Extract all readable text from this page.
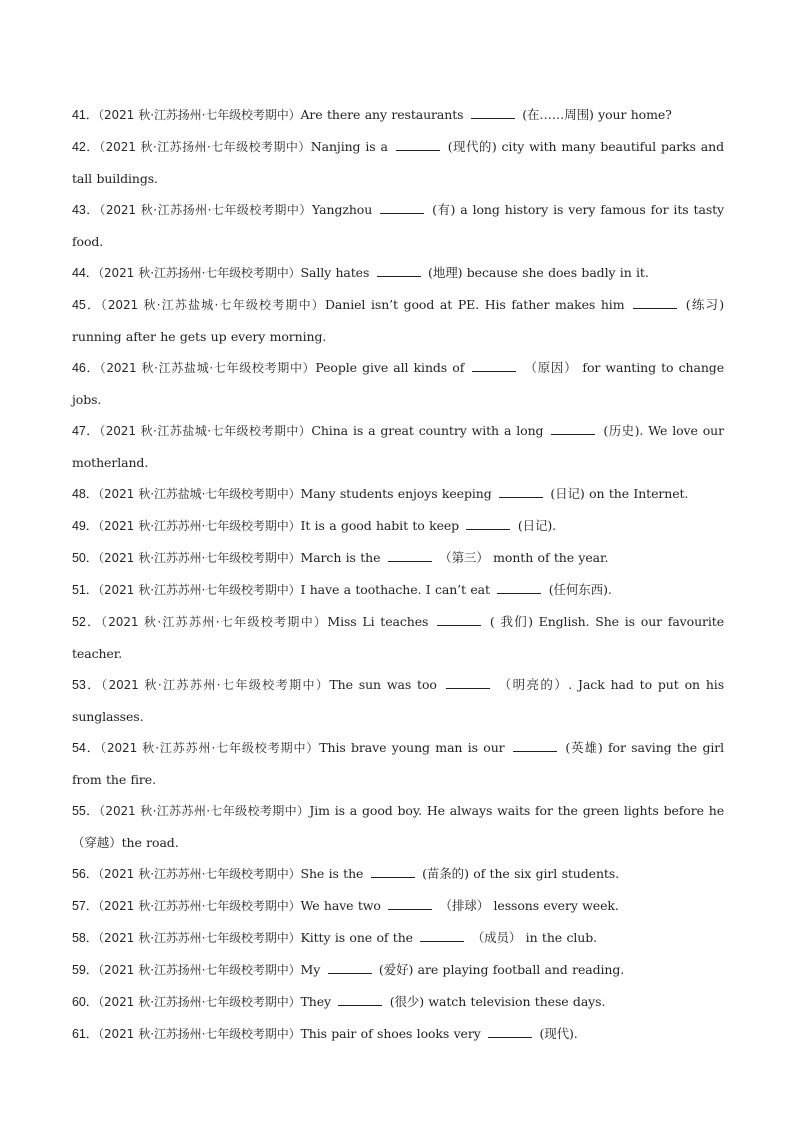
41．（2021 秋·江苏扬州·七年级校考期中）Are there any restaurants	(在……周围) your home?

42．（2021 秋·江苏扬州·七年级校考期中）Nanjing is a	(现代的) city with many beautiful parks and tall buildings.

43．（2021 秋·江苏扬州·七年级校考期中）Yangzhou	(有) a long history is very famous for its tasty food.

44．（2021 秋·江苏扬州·七年级校考期中）Sally hates	(地理) because she does badly in it.

45．（2021 秋·江苏盐城·七年级校考期中）Daniel isn’t good at PE. His father makes him	(练习) running after he gets up every morning.

46．（2021 秋·江苏盐城·七年级校考期中）People give all kinds of	（原因） for wanting to change jobs.

47．（2021 秋·江苏盐城·七年级校考期中）China is a great country with a long	(历史). We love our motherland.

48．（2021 秋·江苏盐城·七年级校考期中）Many students enjoys keeping	(日记) on the Internet.

49．（2021 秋·江苏苏州·七年级校考期中）It is a good habit to keep	(日记).

50．（2021 秋·江苏苏州·七年级校考期中）March is the	（第三） month of the year.

51．（2021 秋·江苏苏州·七年级校考期中）I have a toothache. I can’t eat	(任何东西).

52．（2021 秋·江苏苏州·七年级校考期中）Miss Li teaches	( 我们) English. She is our favourite teacher.

53．（2021 秋·江苏苏州·七年级校考期中）The sun was too	（明亮的）. Jack had to put on his sunglasses.

54．（2021 秋·江苏苏州·七年级校考期中）This brave young man is our	(英雄) for saving the girl from the fire.

55．（2021 秋·江苏苏州·七年级校考期中）Jim is a good boy. He always waits for the green lights before he （穿越）the road.

56．（2021 秋·江苏苏州·七年级校考期中）She is the	(苗条的) of the six girl students.

57．（2021 秋·江苏苏州·七年级校考期中）We have two	（排球） lessons every week.

58．（2021 秋·江苏苏州·七年级校考期中）Kitty is one of the	（成员） in the club.

59．（2021 秋·江苏扬州·七年级校考期中）My	(爱好) are playing football and reading.

60．（2021 秋·江苏扬州·七年级校考期中）They	(很少) watch television these days.

61．（2021 秋·江苏扬州·七年级校考期中）This pair of shoes looks very	(现代).
